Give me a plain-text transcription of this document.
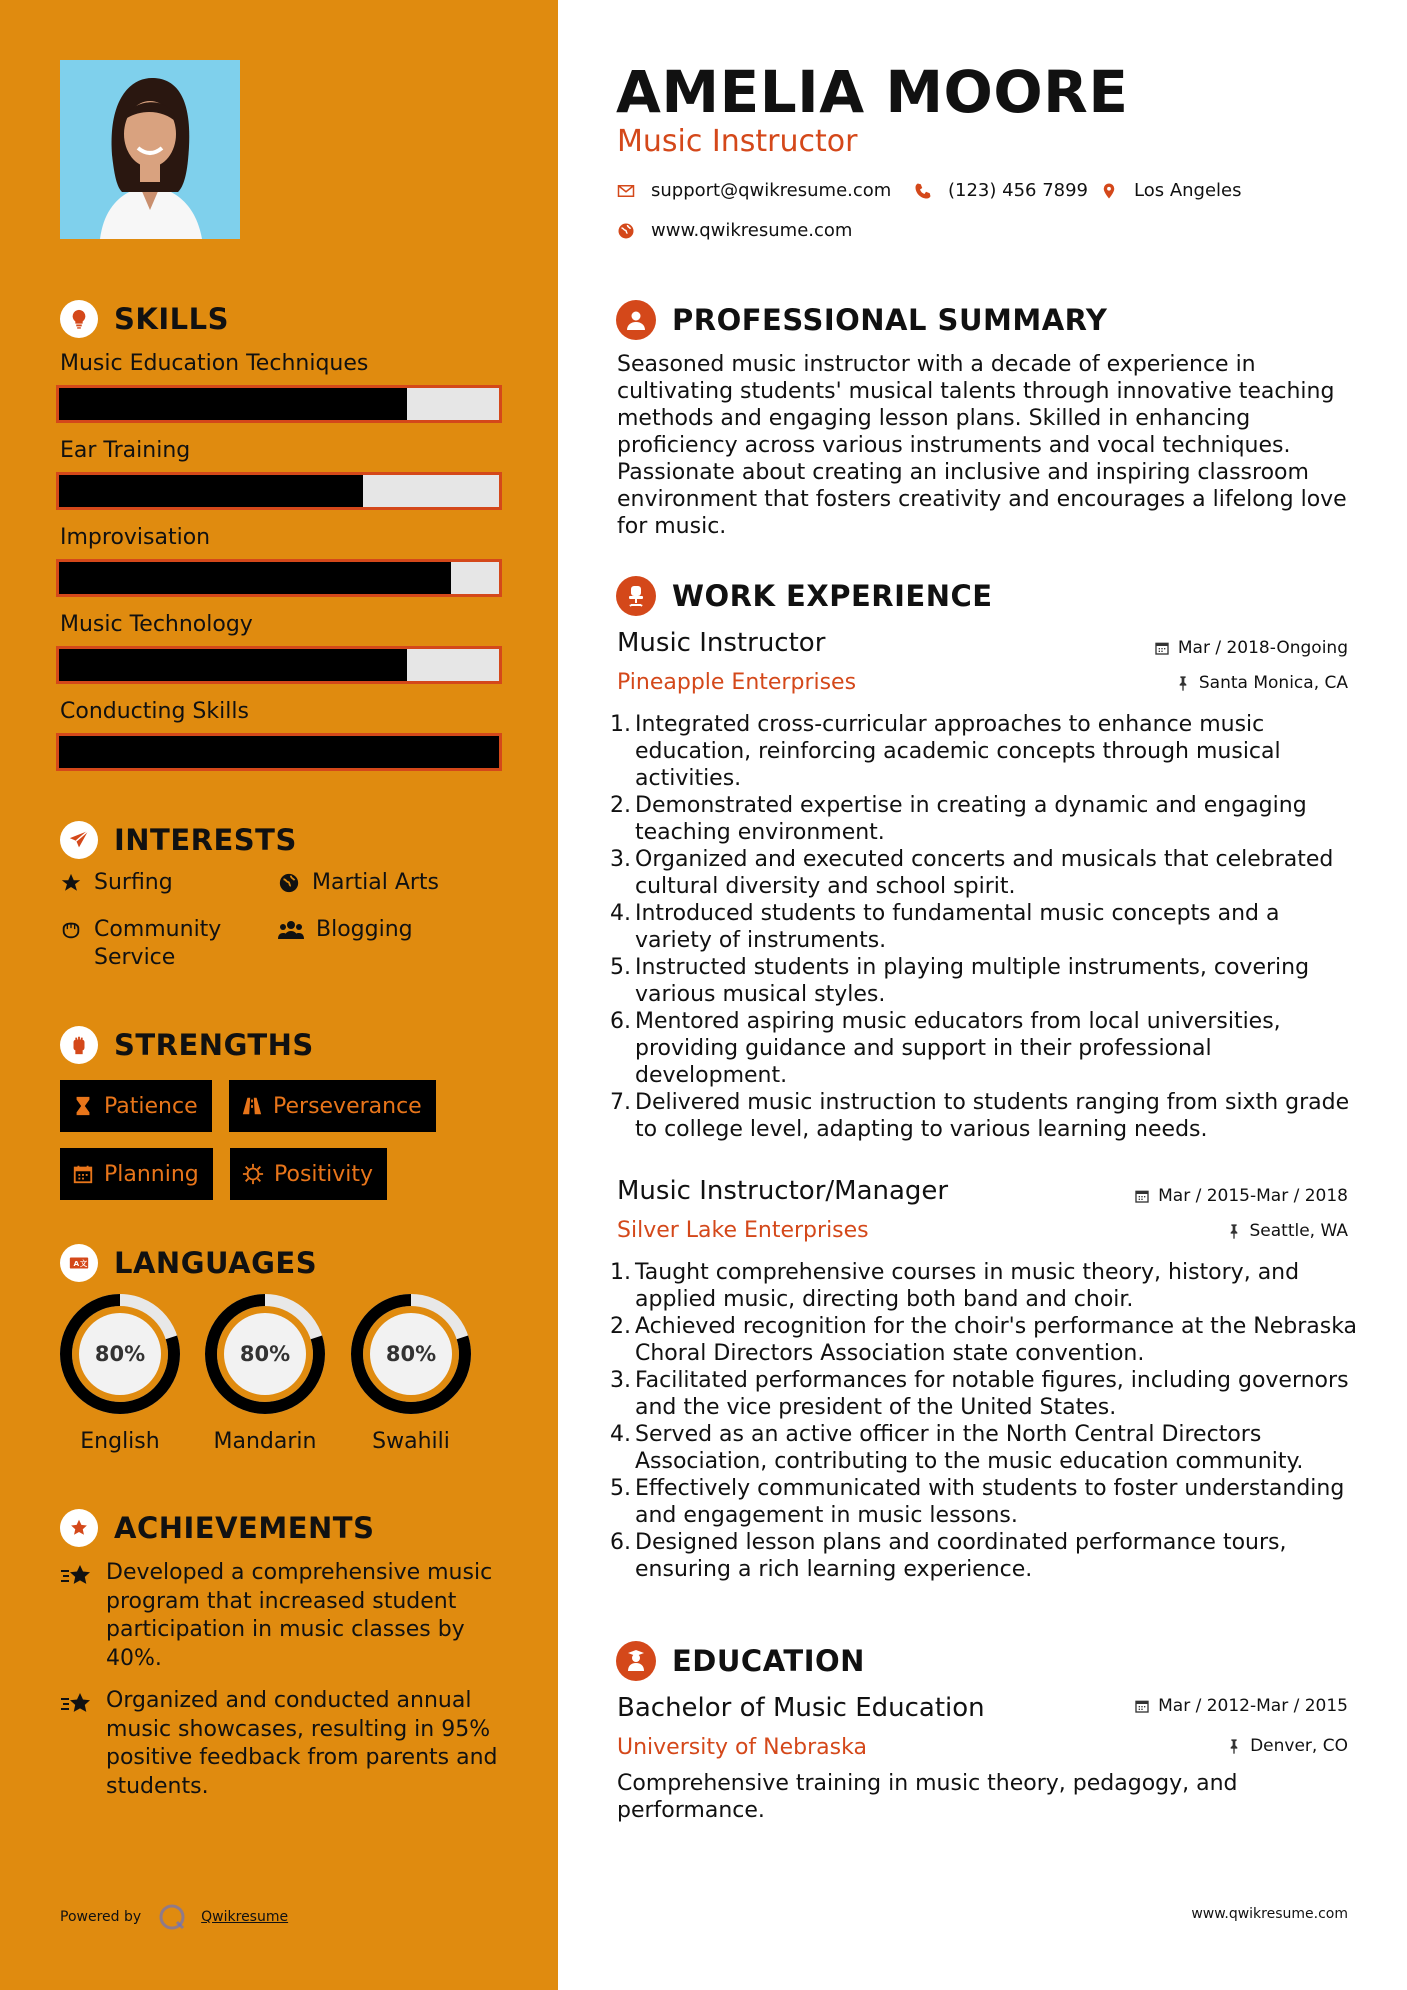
SKILLS
Music Education Techniques
Ear Training
Improvisation
Music Technology
Conducting Skills
INTERESTS
Surfing	Martial Arts
Community Service
Blogging
STRENGTHS
Patience	Perseverance
Planning	Positivity
A 文 LANGUAGES
80%
English
80%
Mandarin
80%
Swahili
ACHIEVEMENTS
Developed a comprehensive music program that increased student participation in music classes by 40%.
Organized and conducted annual music showcases, resulting in 95% positive feedback from parents and students.
Powered by	Qwikresume
AMELIA MOORE
Music Instructor
support@qwikresume.com	(123) 456 7899	Los Angeles
www.qwikresume.com
PROFESSIONAL SUMMARY
Seasoned music instructor with a decade of experience in cultivating students' musical talents through innovative teaching methods and engaging lesson plans. Skilled in enhancing proficiency across various instruments and vocal techniques. Passionate about creating an inclusive and inspiring classroom environment that fosters creativity and encourages a lifelong love for music.
WORK EXPERIENCE
Music Instructor	Mar / 2018-Ongoing
Pineapple Enterprises	Santa Monica, CA
1. Integrated cross-curricular approaches to enhance music education, reinforcing academic concepts through musical activities.
2. Demonstrated expertise in creating a dynamic and engaging teaching environment.
3. Organized and executed concerts and musicals that celebrated cultural diversity and school spirit.
4. Introduced students to fundamental music concepts and a variety of instruments.
5. Instructed students in playing multiple instruments, covering various musical styles.
6. Mentored aspiring music educators from local universities, providing guidance and support in their professional development.
7. Delivered music instruction to students ranging from sixth grade to college level, adapting to various learning needs.
Music Instructor/Manager	Mar / 2015-Mar / 2018
Silver Lake Enterprises	Seattle, WA
1. Taught comprehensive courses in music theory, history, and applied music, directing both band and choir.
2. Achieved recognition for the choir's performance at the Nebraska Choral Directors Association state convention.
3. Facilitated performances for notable figures, including governors and the vice president of the United States.
4. Served as an active officer in the North Central Directors Association, contributing to the music education community.
5. Effectively communicated with students to foster understanding and engagement in music lessons.
6. Designed lesson plans and coordinated performance tours, ensuring a rich learning experience.
EDUCATION
Bachelor of Music Education	Mar / 2012-Mar / 2015
University of Nebraska	Denver, CO
Comprehensive training in music theory, pedagogy, and performance.
www.qwikresume.com
